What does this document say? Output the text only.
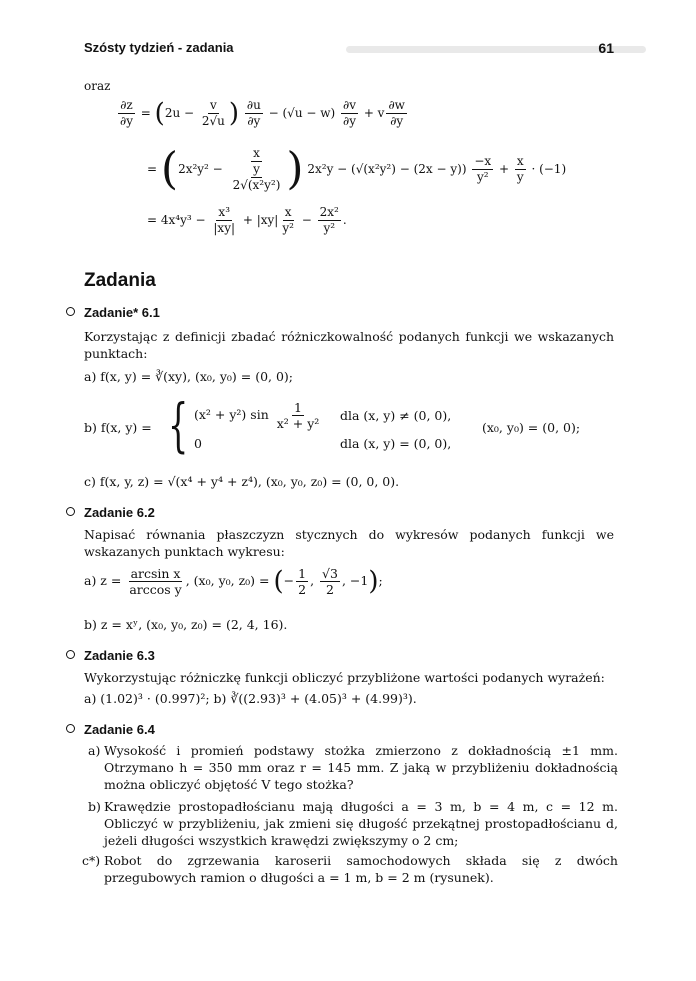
Szósty tydzień - zadania	61
oraz
$\frac{\partial z}{\partial y} = (2u - \frac{v}{2√u}$ ) $\frac{\partial u}{\partial y} - (√u - w) \frac{\partial v}{\partial y} + v \frac{\partial w}{\partial y}$
= ($2x^2y^2 - \frac{x}{\frac{y}{\text{2√(x²y²)}}}$ ) $2x^2y - (√(x^2y^2) - (2x - y)) \frac{-x}{\text{y²}} + \frac{x}{y} \cdot (-1)$
= $4x^4y^3 - \frac{\text{x³}}{|xy|} + |xy| \frac{x}{\text{y²}} - \frac{\text{2x²}}{\text{y²}}$ .
Zadania
Zadanie* 6.1
Korzystając z definicji zbadać różniczkowalność podanych funkcji we wskazanych punktach:
a) f(x, y) = ∛(xy), (x₀, y₀) = (0, 0);
b) f(x, y) = { (x² + y²) $\sin \frac{1}{\text{x² + y²}}$ dla (x, y) ≠ (0, 0),
0	dla (x, y) = (0, 0),
(x₀, y₀) = (0, 0);
c) f(x, y, z) = √(x⁴ + y⁴ + z⁴), (x₀, y₀, z₀) = (0, 0, 0).
Zadanie 6.2
Napisać równania płaszczyzn stycznych do wykresów podanych funkcji we wskazanych punktach wykresu:
a) $z = \frac{\text{arcsin x}}{\text{arccos y}}$ , (x₀, y₀, z₀) = (− $\frac{1}{2}$ , $\frac{√3}{2}$ , −1);
b) z = xʸ, (x₀, y₀, z₀) = (2, 4, 16).
Zadanie 6.3
Wykorzystując różniczkę funkcji obliczyć przybliżone wartości podanych wyrażeń:
a) (1.02)³ · (0.997)²; b) ∛((2.93)³ + (4.05)³ + (4.99)³).
Zadanie 6.4
a) Wysokość i promień podstawy stożka zmierzono z dokładnością ±1 mm. Otrzymano h = 350 mm oraz r = 145 mm. Z jaką w przybliżeniu dokładnością można obliczyć objętość V tego stożka?
b) Krawędzie prostopadłościanu mają długości a = 3 m, b = 4 m, c = 12 m. Obliczyć w przybliżeniu, jak zmieni się długość przekątnej prostopadłościanu d, jeżeli długości wszystkich krawędzi zwiększymy o 2 cm;
c*) Robot do zgrzewania karoserii samochodowych składa się z dwóch przegubowych ramion o długości a = 1 m, b = 2 m (rysunek).
